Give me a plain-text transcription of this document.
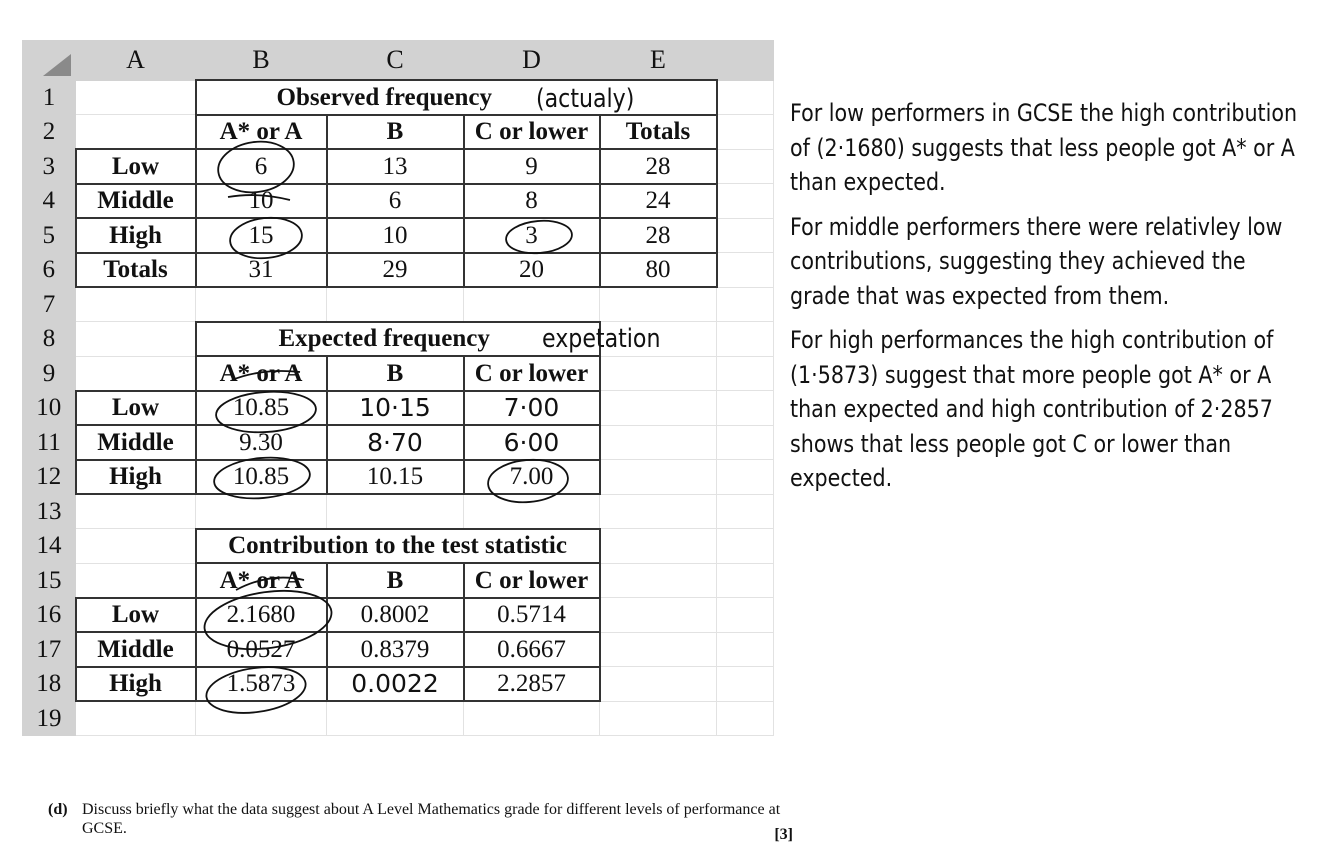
	A	B	C	D	E	
1		Observed frequency				
2		A* or A	B	C or lower	Totals	
3	Low	6	13	9	28	
4	Middle	10	6	8	24	
5	High	15	10	3	28	
6	Totals	31	29	20	80	
7						
8		Expected frequency				
9		A* or A	B	C or lower		
10	Low	10.85	10·15	7·00		
11	Middle	9.30	8·70	6·00		
12	High	10.85	10.15	7.00		
13						
14		Contribution to the test statistic				
15		A* or A	B	C or lower		
16	Low	2.1680	0.8002	0.5714		
17	Middle	0.0527	0.8379	0.6667		
18	High	1.5873	0.0022	2.2857		
19						
(actualy)
expetation

For low performers in GCSE the high contribution of (2·1680) suggests that less people got A* or A than expected.

For middle performers there were relativley low contributions, suggesting they achieved the grade that was expected from them.

For high performances the high contribution of (1·5873) suggest that more people got A* or A than expected and high contribution of 2·2857 shows that less people got C or lower than expected.

(d) Discuss briefly what the data suggest about A Level Mathematics grade for different levels of performance at GCSE.	[3]
